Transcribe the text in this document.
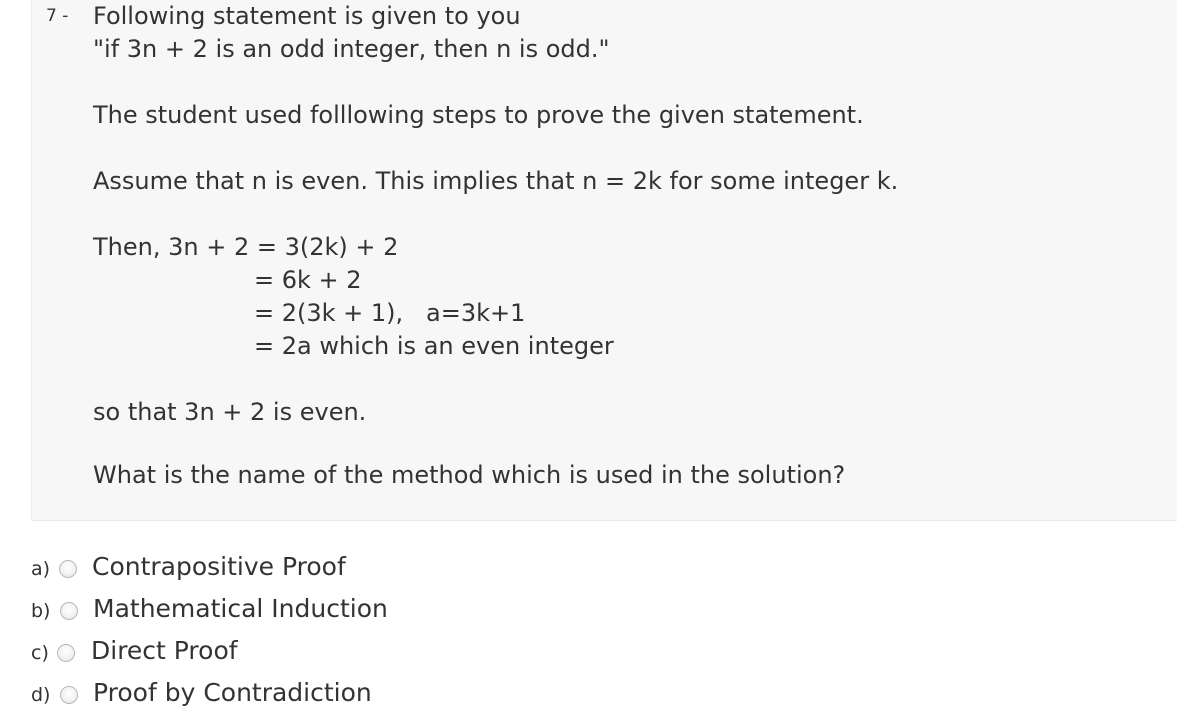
7 - Following statement is given to you
"if 3n + 2 is an odd integer, then n is odd."
The student used folllowing steps to prove the given statement.
Assume that n is even. This implies that n = 2k for some integer k.
Then, 3n + 2 = 3(2k) + 2
= 6k + 2
= 2(3k + 1),   a=3k+1
= 2a which is an even integer
so that 3n + 2 is even.
What is the name of the method which is used in the solution?
a) Contrapositive Proof
b) Mathematical Induction
c) Direct Proof
d) Proof by Contradiction
